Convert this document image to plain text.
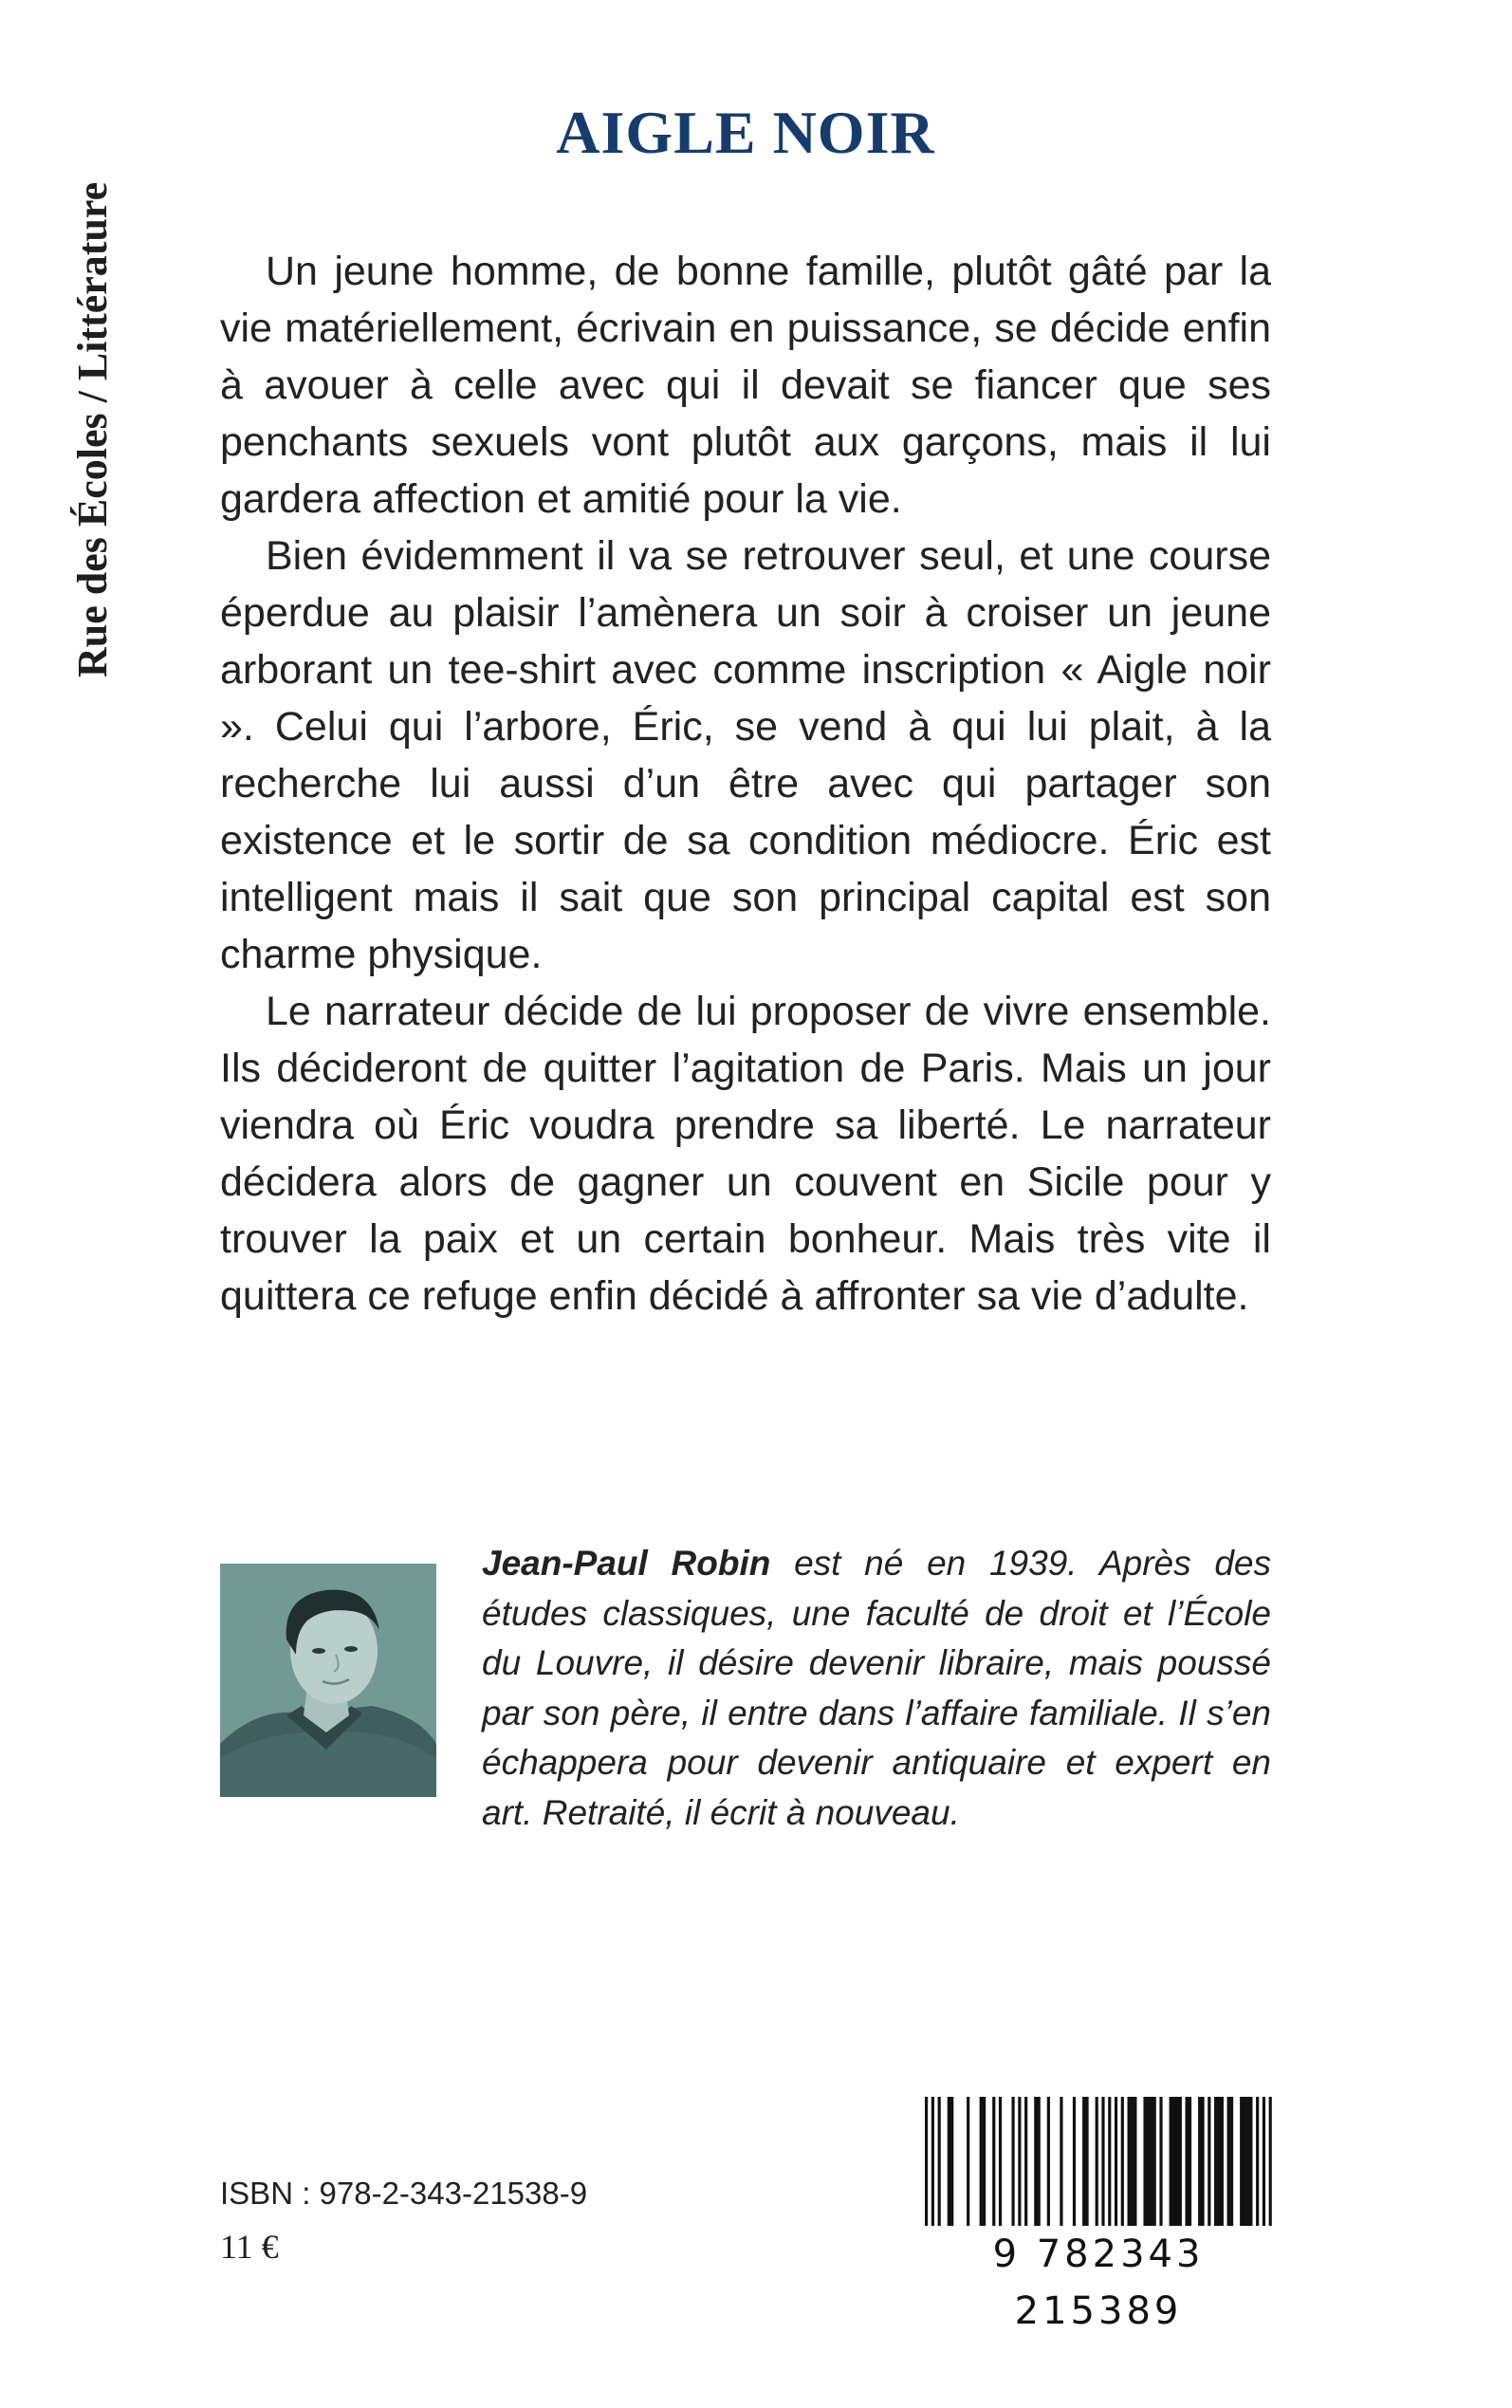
Rue des Écoles / Littérature
AIGLE NOIR

Un jeune homme, de bonne famille, plutôt gâté par la vie matériellement, écrivain en puissance, se décide enfin à avouer à celle avec qui il devait se fiancer que ses penchants sexuels vont plutôt aux garçons, mais il lui gardera affection et amitié pour la vie.

Bien évidemment il va se retrouver seul, et une course éperdue au plaisir l’amènera un soir à croiser un jeune arborant un tee-shirt avec comme inscription « Aigle noir ». Celui qui l’arbore, Éric, se vend à qui lui plait, à la recherche lui aussi d’un être avec qui partager son existence et le sortir de sa condition médiocre. Éric est intelligent mais il sait que son principal capital est son charme physique.

Le narrateur décide de lui proposer de vivre ensemble. Ils décideront de quitter l’agitation de Paris. Mais un jour viendra où Éric voudra prendre sa liberté. Le narrateur décidera alors de gagner un couvent en Sicile pour y trouver la paix et un certain bonheur. Mais très vite il quittera ce refuge enfin décidé à affronter sa vie d’adulte.

Jean-Paul Robin est né en 1939. Après des études classiques, une faculté de droit et l’École du Louvre, il désire devenir libraire, mais poussé par son père, il entre dans l’affaire familiale. Il s’en échappera pour devenir antiquaire et expert en art. Retraité, il écrit à nouveau.

ISBN : 978-2-343-21538-9
11 €	9 782343 215389
